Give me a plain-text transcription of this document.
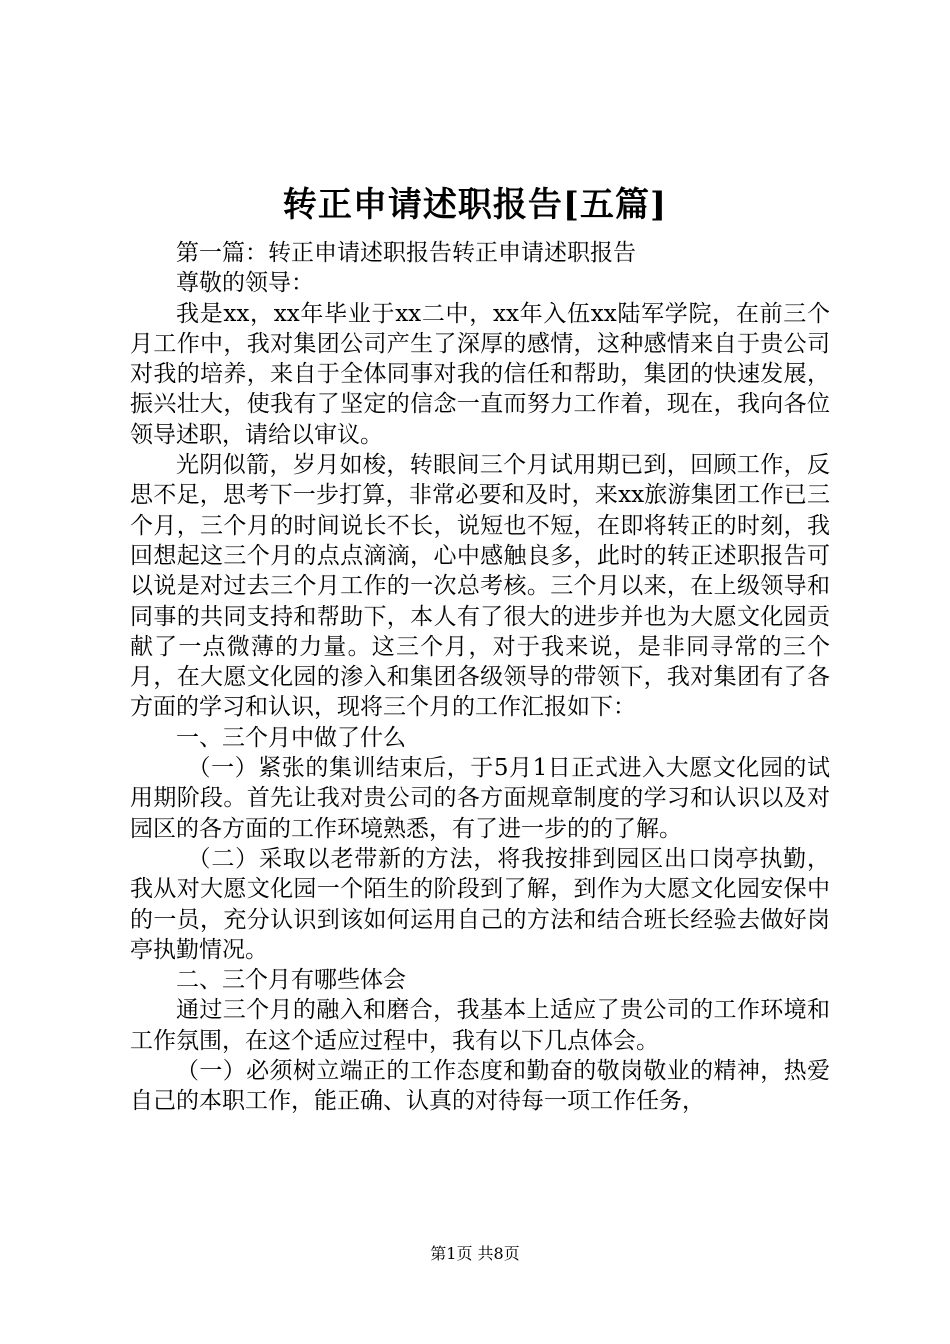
转正申请述职报告[五篇]

第一篇：转正申请述职报告转正申请述职报告

尊敬的领导：

我是xx，xx年毕业于xx二中，xx年入伍xx陆军学院，在前三个月工作中，我对集团公司产生了深厚的感情，这种感情来自于贵公司对我的培养，来自于全体同事对我的信任和帮助，集团的快速发展，振兴壮大，使我有了坚定的信念一直而努力工作着，现在，我向各位领导述职，请给以审议。

光阴似箭，岁月如梭，转眼间三个月试用期已到，回顾工作，反思不足，思考下一步打算，非常必要和及时，来xx旅游集团工作已三个月，三个月的时间说长不长，说短也不短，在即将转正的时刻，我回想起这三个月的点点滴滴，心中感触良多，此时的转正述职报告可以说是对过去三个月工作的一次总考核。三个月以来，在上级领导和同事的共同支持和帮助下，本人有了很大的进步并也为大愿文化园贡献了一点微薄的力量。这三个月，对于我来说，是非同寻常的三个月，在大愿文化园的渗入和集团各级领导的带领下，我对集团有了各方面的学习和认识，现将三个月的工作汇报如下：

一、三个月中做了什么

（一）紧张的集训结束后，于5月1日正式进入大愿文化园的试用期阶段。首先让我对贵公司的各方面规章制度的学习和认识以及对园区的各方面的工作环境熟悉，有了进一步的的了解。

（二）采取以老带新的方法，将我按排到园区出口岗亭执勤，我从对大愿文化园一个陌生的阶段到了解，到作为大愿文化园安保中的一员，充分认识到该如何运用自己的方法和结合班长经验去做好岗亭执勤情况。

二、三个月有哪些体会

通过三个月的融入和磨合，我基本上适应了贵公司的工作环境和工作氛围，在这个适应过程中，我有以下几点体会。

（一）必须树立端正的工作态度和勤奋的敬岗敬业的精神，热爱自己的本职工作，能正确、认真的对待每一项工作任务，

第1页 共8页
